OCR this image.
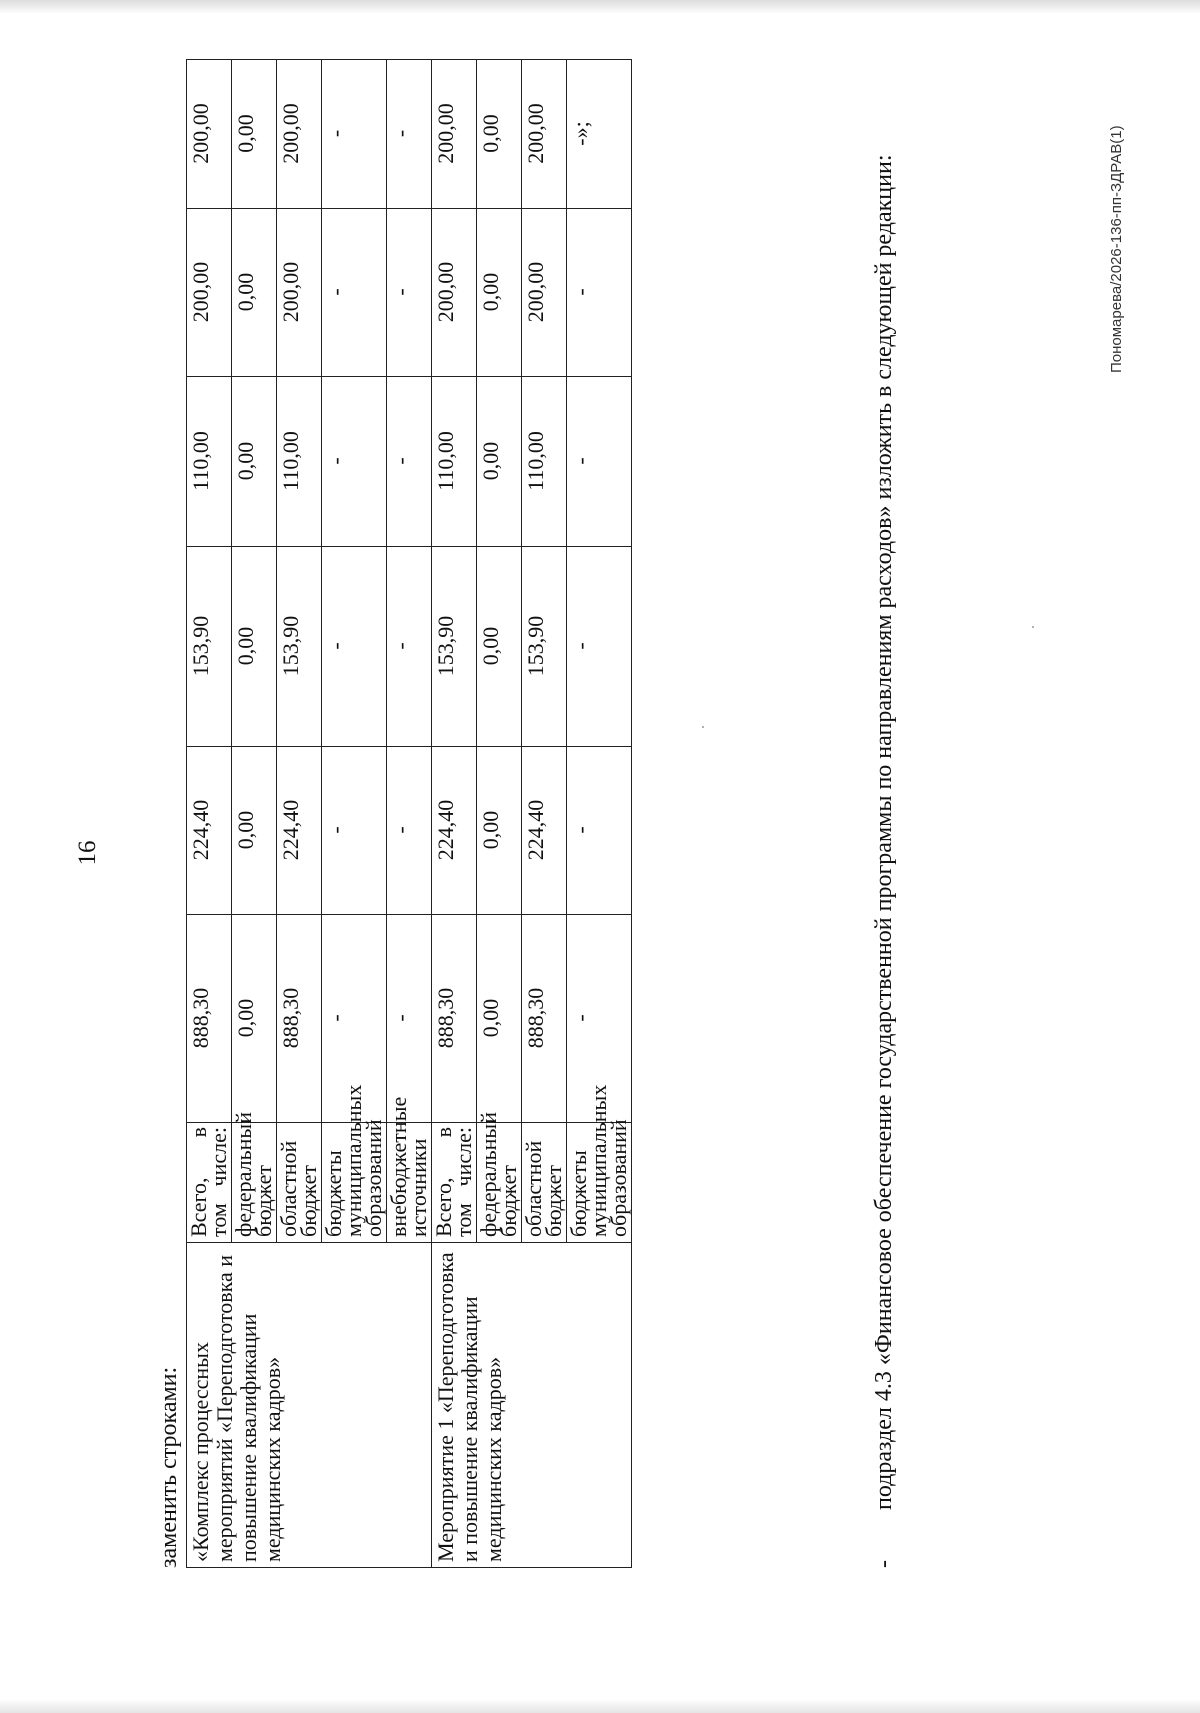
16
заменить строками: «Комплекс процессных мероприятий «Переподготовка и повышение квалификации медицинских кадров»	Всего, в том числе:	888,30	224,40	153,90	110,00	200,00	200,00
	федеральный бюджет	0,00	0,00	0,00	0,00	0,00	0,00
	областной бюджет	888,30	224,40	153,90	110,00	200,00	200,00
	бюджеты муниципальных образований	-	-	-	-	-	-
	внебюджетные источники	-	-	-	-	-	-
Мероприятие 1 «Переподготовка и повышение квалификации медицинских кадров»	Всего, в том числе:	888,30	224,40	153,90	110,00	200,00	200,00
	федеральный бюджет	0,00	0,00	0,00	0,00	0,00	0,00
	областной бюджет	888,30	224,40	153,90	110,00	200,00	200,00
	бюджеты муниципальных образований	-	-	-	-	-	-»;
-подраздел 4.3 «Финансовое обеспечение государственной программы по направлениям расходов» изложить в следующей редакции:	Пономарева/2026-136-пп-ЗДРАВ(1)
